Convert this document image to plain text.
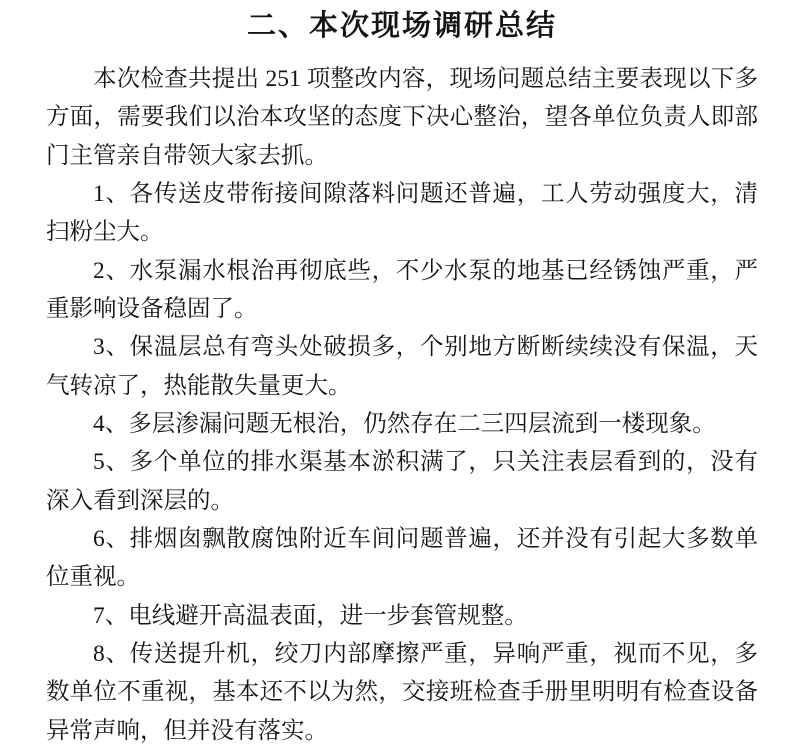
二、本次现场调研总结

本次检查共提出 251 项整改内容，现场问题总结主要表现以下多方面，需要我们以治本攻坚的态度下决心整治，望各单位负责人即部门主管亲自带领大家去抓。

1、各传送皮带衔接间隙落料问题还普遍，工人劳动强度大，清扫粉尘大。

2、水泵漏水根治再彻底些，不少水泵的地基已经锈蚀严重，严重影响设备稳固了。

3、保温层总有弯头处破损多，个别地方断断续续没有保温，天气转凉了，热能散失量更大。

4、多层渗漏问题无根治，仍然存在二三四层流到一楼现象。

5、多个单位的排水渠基本淤积满了，只关注表层看到的，没有深入看到深层的。

6、排烟囱飘散腐蚀附近车间问题普遍，还并没有引起大多数单位重视。

7、电线避开高温表面，进一步套管规整。

8、传送提升机，绞刀内部摩擦严重，异响严重，视而不见，多数单位不重视，基本还不以为然，交接班检查手册里明明有检查设备异常声响，但并没有落实。
